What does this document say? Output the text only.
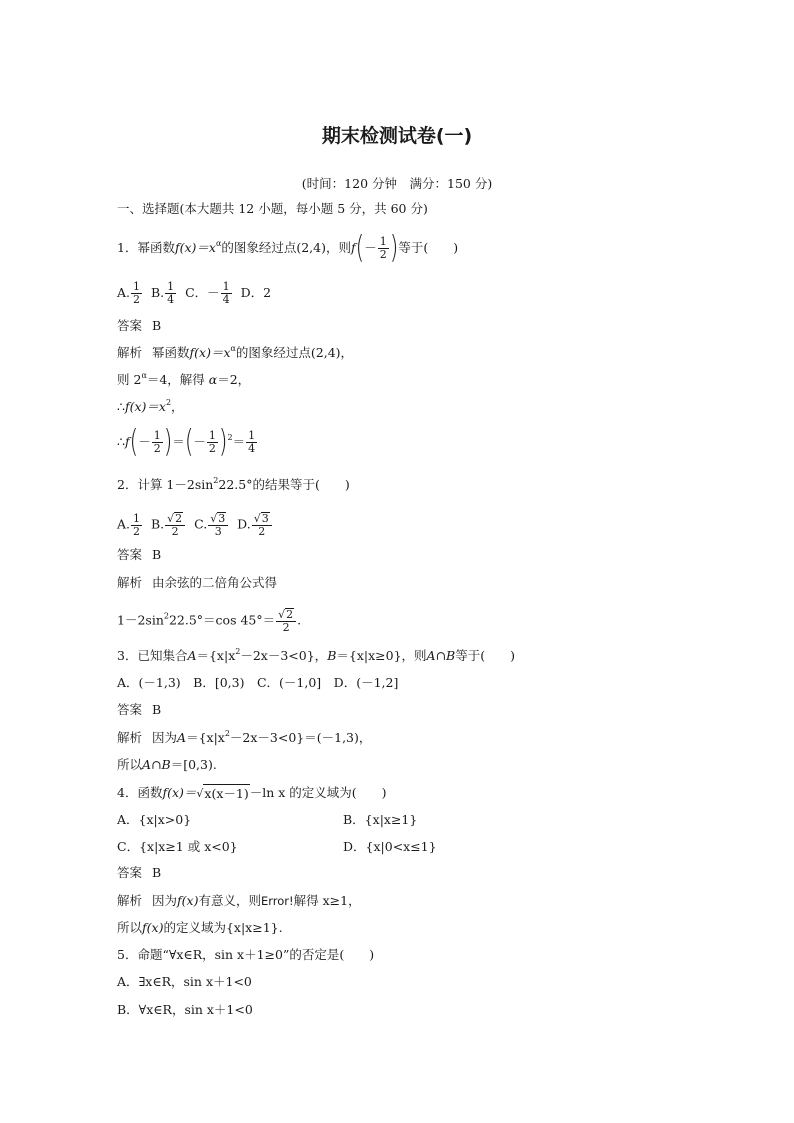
期末检测试卷(一)
(时间：120 分钟　满分：150 分)
一、选择题(本大题共 12 小题，每小题 5 分，共 60 分)
1．幂函数$f(x)=x^\alpha$的图象经过点(2,4)，则$f(- \frac{1}{2}$ )等于(　　)
A. $\frac{1}{2} B$. $\frac{1}{4}$ C．－ $\frac{1}{4}$ D．2
答案 B
解析 幂函数$f(x)=x^\alpha$的图象经过点(2,4)，
则 $2^\alpha=4$，解得 α＝2，
$\therefore f(x)=x^2$，
∴f(－ $\frac{1}{2}$ )＝(－ $\frac{1}{2} )^2= \frac{1}{4}$
2．计算 $1-2\sin^222.5^\circ$的结果等于(　　)
A. $\frac{1}{2} B$. $\frac{√ 2}{2} C$. $\frac{√ 3}{3} D$. $\frac{√ 3}{2}$
答案 B
解析 由余弦的二倍角公式得
$1-2\sin^222.5^\circ=\cos$ $45^\circ= \frac{√ 2}{2}$ .
3．已知集合$A=\{x|x^2-2x-3<0\}$，B＝{x|x≥0}，则A∩B等于(　　)
A．(－1,3)　B．[0,3)　C．(－1,0]　D．(－1,2]
答案 B
解析 因为$A=\{x|x^2-2x-3<0\}=(-1,3)$，
所以A∩B＝[0,3).
4．函数f(x)＝ √ x(x－1) －ln x 的定义域为(　　)
A．{x|x>0}	B．{x|x≥1}
C．{x|x≥1 或 x<0}	D．{x|0<x≤1}
答案 B
解析 因为f(x)有意义，则Error!解得 x≥1，
所以f(x)的定义域为{x|x≥1}.
5．命题“∀x∈R，sin x＋1≥0”的否定是(　　)
A．∃x∈R，sin x＋1<0
B．∀x∈R，sin x＋1<0
